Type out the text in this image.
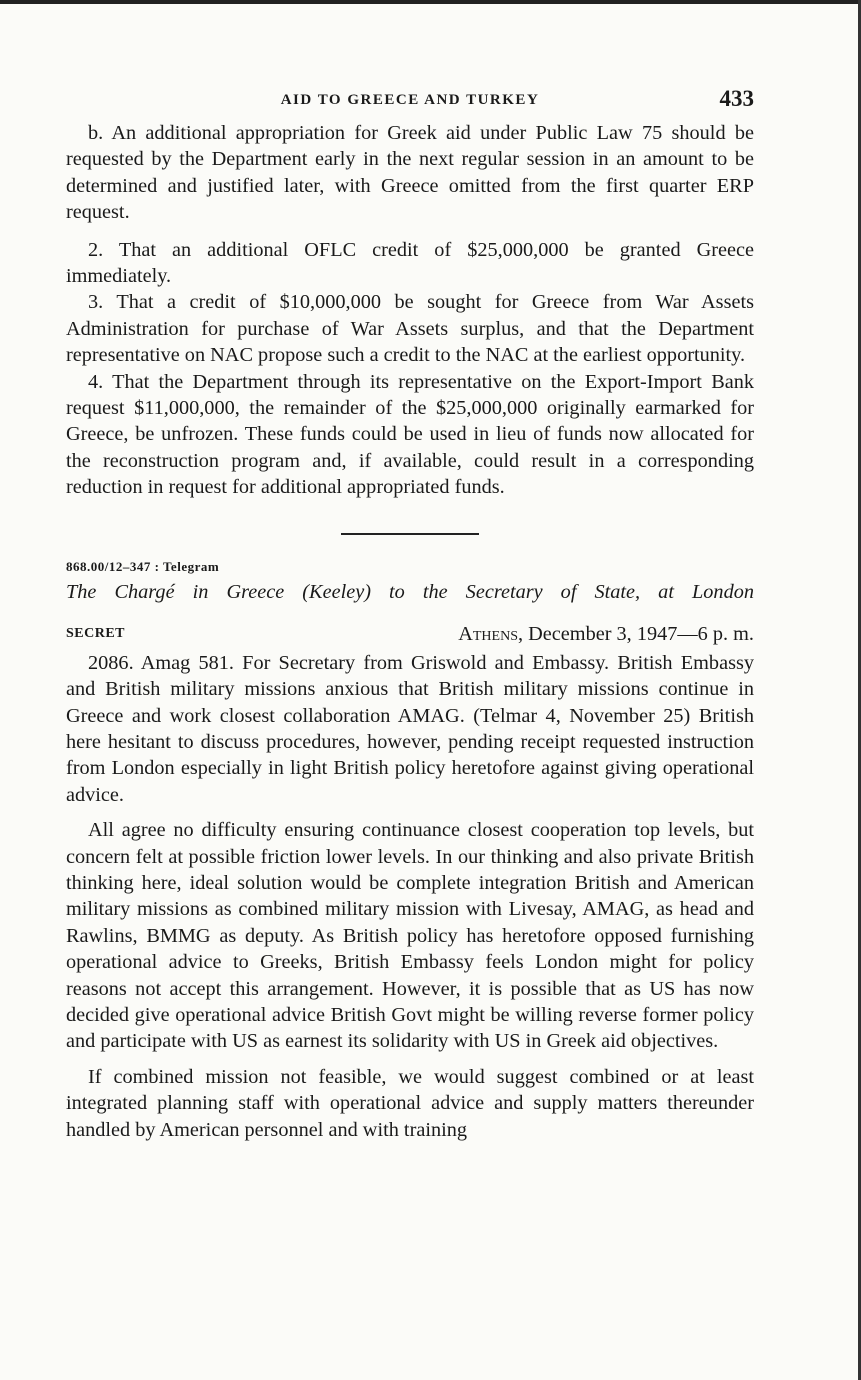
AID TO GREECE AND TURKEY	433

b. An additional appropriation for Greek aid under Public Law 75 should be requested by the Department early in the next regular session in an amount to be determined and justified later, with Greece omitted from the first quarter ERP request.

2. That an additional OFLC credit of $25,000,000 be granted Greece immediately.

3. That a credit of $10,000,000 be sought for Greece from War Assets Administration for purchase of War Assets surplus, and that the Department representative on NAC propose such a credit to the NAC at the earliest opportunity.

4. That the Department through its representative on the Export-Import Bank request $11,000,000, the remainder of the $25,000,000 originally earmarked for Greece, be unfrozen. These funds could be used in lieu of funds now allocated for the reconstruction program and, if available, could result in a corresponding reduction in request for additional appropriated funds.

868.00/12–347 : Telegram
The Chargé in Greece (Keeley) to the Secretary of State, at London
SECRET	Athens, December 3, 1947—6 p. m.

2086. Amag 581. For Secretary from Griswold and Embassy. British Embassy and British military missions anxious that British military missions continue in Greece and work closest collaboration AMAG. (Telmar 4, November 25) British here hesitant to discuss procedures, however, pending receipt requested instruction from London especially in light British policy heretofore against giving operational advice.

All agree no difficulty ensuring continuance closest cooperation top levels, but concern felt at possible friction lower levels. In our thinking and also private British thinking here, ideal solution would be complete integration British and American military missions as combined military mission with Livesay, AMAG, as head and Rawlins, BMMG as deputy. As British policy has heretofore opposed furnishing operational advice to Greeks, British Embassy feels London might for policy reasons not accept this arrangement. However, it is possible that as US has now decided give operational advice British Govt might be willing reverse former policy and participate with US as earnest its solidarity with US in Greek aid objectives.

If combined mission not feasible, we would suggest combined or at least integrated planning staff with operational advice and supply matters thereunder handled by American personnel and with training
